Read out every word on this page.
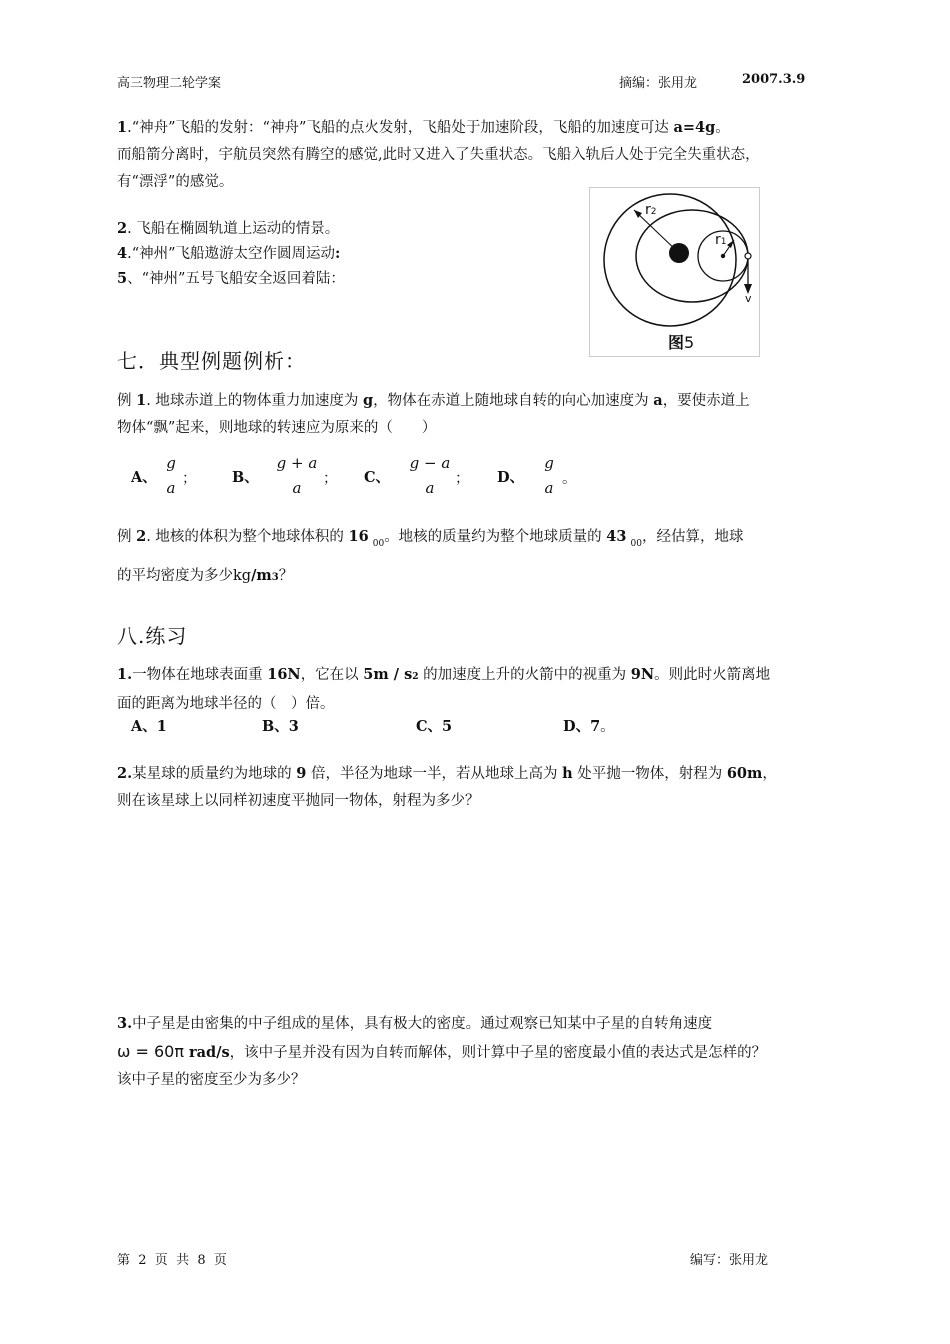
高三物理二轮学案	摘编：张用龙	2007.3.9
1.“神舟”飞船的发射：“神舟”飞船的点火发射，飞船处于加速阶段，飞船的加速度可达 a=4g。
而船箭分离时，宇航员突然有腾空的感觉,此时又进入了失重状态。飞船入轨后人处于完全失重状态，
有“漂浮”的感觉。
2. 飞船在椭圆轨道上运动的情景。
4.“神州”飞船遨游太空作圆周运动:
5、“神州”五号飞船安全返回着陆：
r2
r1
v
图5
七．典型例题例析：
例 1. 地球赤道上的物体重力加速度为 g，物体在赤道上随地球自转的向心加速度为 a，要使赤道上
物体“飘”起来，则地球的转速应为原来的（　　）
A、
g
a ； B、
g + a
a	； C、
g − a
a	； D、
g
a 。
例 2. 地核的体积为整个地球体积的 16 $_{00}$。地核的质量约为整个地球质量的 43 $_{00}$，经估算，地球
的平均密度为多少kg/m3？
八.练习
1.一物体在地球表面重 16N，它在以 5m / s2 的加速度上升的火箭中的视重为 9N。则此时火箭离地
面的距离为地球半径的（　）倍。
A、1	B、3	C、5	D、7。
2.某星球的质量约为地球的 9 倍，半径为地球一半，若从地球上高为 h 处平抛一物体，射程为 60m，
则在该星球上以同样初速度平抛同一物体，射程为多少？
3.中子星是由密集的中子组成的星体，具有极大的密度。通过观察已知某中子星的自转角速度
ω = 60π rad/s，该中子星并没有因为自转而解体，则计算中子星的密度最小值的表达式是怎样的？
该中子星的密度至少为多少？
第  2  页  共  8  页	编写：张用龙
